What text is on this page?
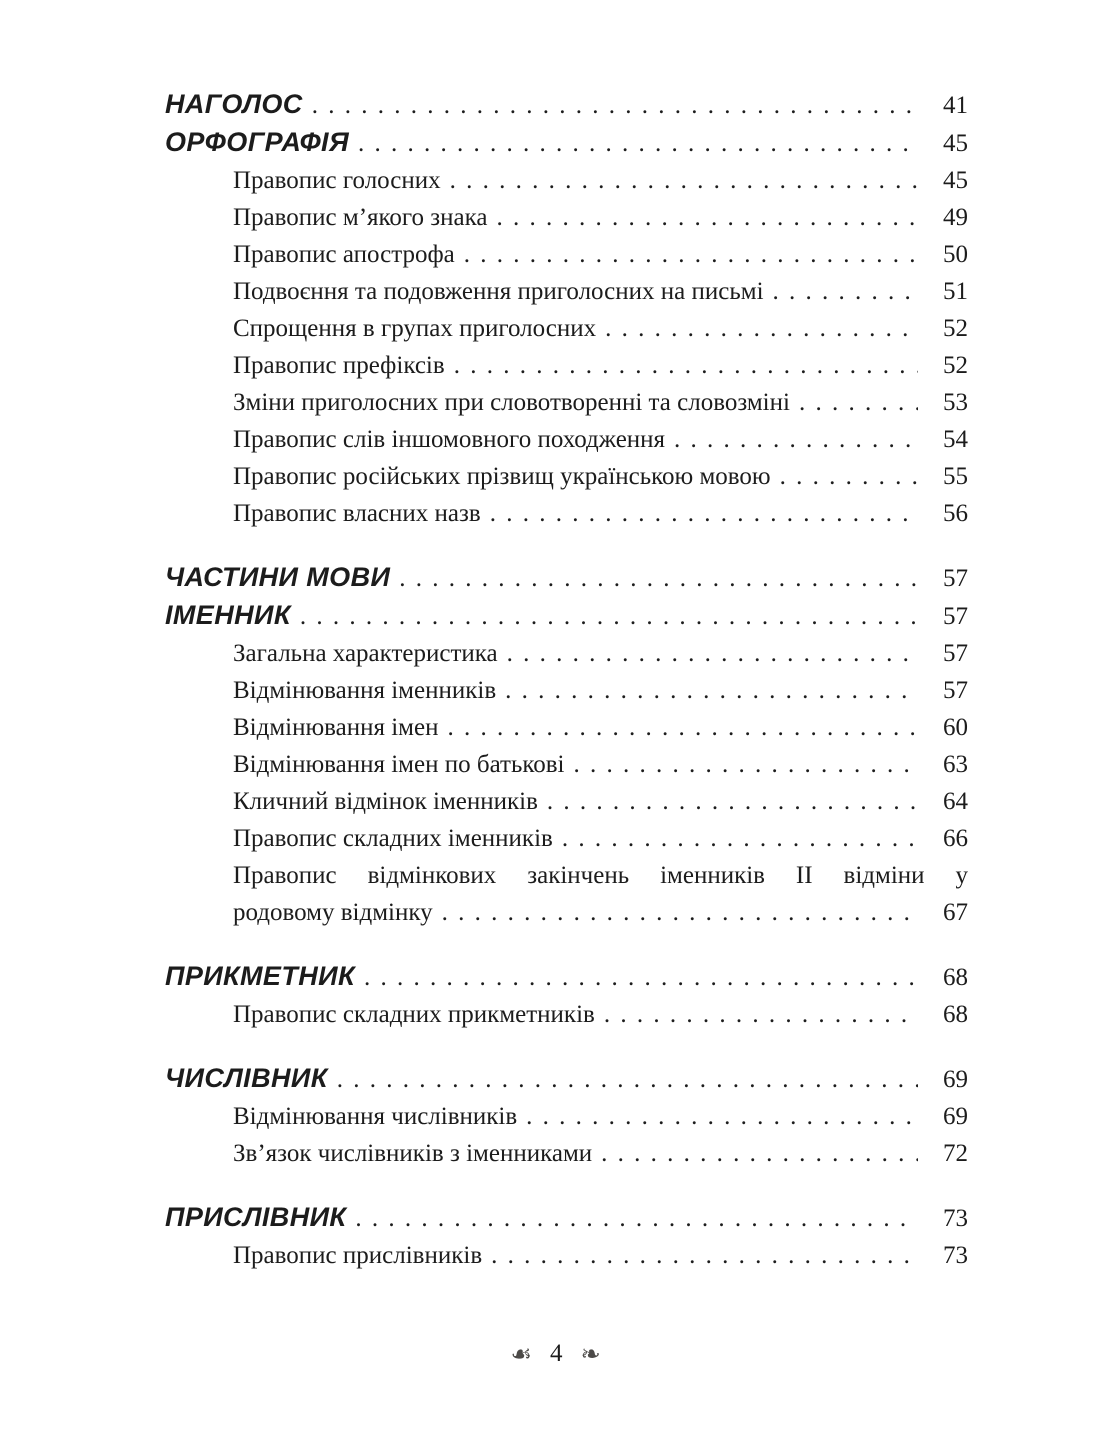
НАГОЛОС . . .	41
ОРФОГРАФІЯ . . .	45
Правопис голосних . . .	45
Правопис м’якого знака . . .	49
Правопис апострофа . . .	50
Подвоєння та подовження приголосних на письмі . . .	51
Спрощення в групах приголосних . . .	52
Правопис префіксів . . .	52
Зміни приголосних при словотворенні та словозміні . . .	53
Правопис слів іншомовного походження . . .	54
Правопис російських прізвищ українською мовою . . .	55
Правопис власних назв . . .	56
ЧАСТИНИ МОВИ . . .	57
ІМЕННИК . . .	57
Загальна характеристика . . .	57
Відмінювання іменників . . .	57
Відмінювання імен . . .	60
Відмінювання імен по батькові . . .	63
Кличний відмінок іменників . . .	64
Правопис складних іменників . . .	66
Правопис відмінкових закінчень іменників ІІ відміни у
родовому відмінку . . .	67
ПРИКМЕТНИК . . .	68
Правопис складних прикметників . . .	68
ЧИСЛІВНИК . . .	69
Відмінювання числівників . . .	69
Зв’язок числівників з іменниками . . .	72
ПРИСЛІВНИК . . .	73
Правопис прислівників . . .	73
☙ 4 ❧
